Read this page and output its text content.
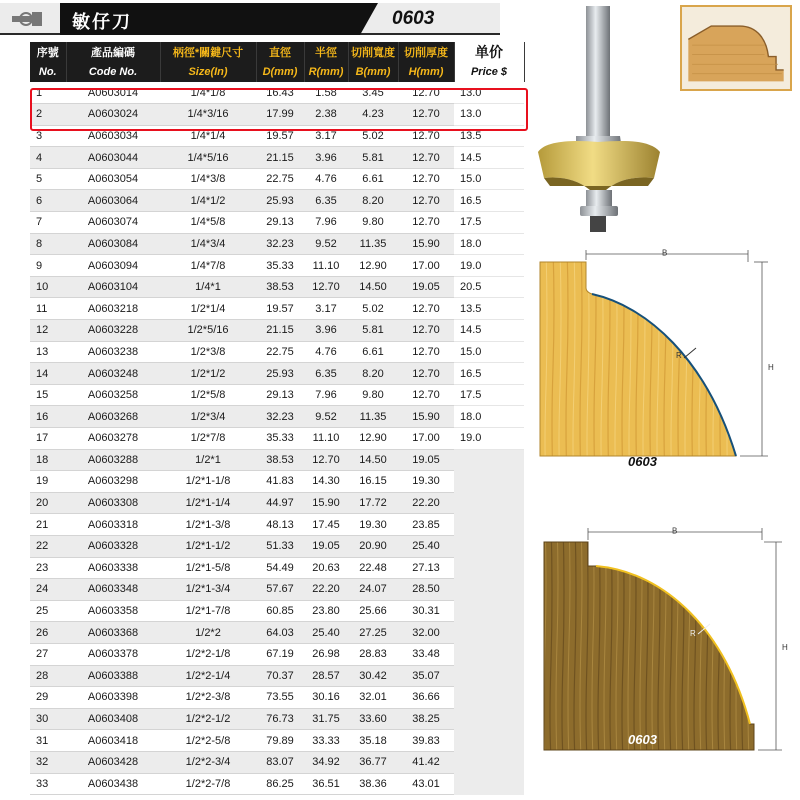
敏仔刀	0603
序號	產品編碼	柄徑*關鍵尺寸	直徑	半徑	切削寬度	切削厚度	单价
No.	Code No.	Size(In)	D(mm)	R(mm)	B(mm)	H(mm)	Price $
1	A0603014	1/4*1/8	16.43	1.58	3.45	12.70	13.0
2	A0603024	1/4*3/16	17.99	2.38	4.23	12.70	13.0
3	A0603034	1/4*1/4	19.57	3.17	5.02	12.70	13.5
4	A0603044	1/4*5/16	21.15	3.96	5.81	12.70	14.5
5	A0603054	1/4*3/8	22.75	4.76	6.61	12.70	15.0
6	A0603064	1/4*1/2	25.93	6.35	8.20	12.70	16.5
7	A0603074	1/4*5/8	29.13	7.96	9.80	12.70	17.5
8	A0603084	1/4*3/4	32.23	9.52	11.35	15.90	18.0
9	A0603094	1/4*7/8	35.33	11.10	12.90	17.00	19.0
10	A0603104	1/4*1	38.53	12.70	14.50	19.05	20.5
11	A0603218	1/2*1/4	19.57	3.17	5.02	12.70	13.5
12	A0603228	1/2*5/16	21.15	3.96	5.81	12.70	14.5
13	A0603238	1/2*3/8	22.75	4.76	6.61	12.70	15.0
14	A0603248	1/2*1/2	25.93	6.35	8.20	12.70	16.5
15	A0603258	1/2*5/8	29.13	7.96	9.80	12.70	17.5
16	A0603268	1/2*3/4	32.23	9.52	11.35	15.90	18.0
17	A0603278	1/2*7/8	35.33	11.10	12.90	17.00	19.0
18	A0603288	1/2*1	38.53	12.70	14.50	19.05	
19	A0603298	1/2*1-1/8	41.83	14.30	16.15	19.30	
20	A0603308	1/2*1-1/4	44.97	15.90	17.72	22.20	
21	A0603318	1/2*1-3/8	48.13	17.45	19.30	23.85	
22	A0603328	1/2*1-1/2	51.33	19.05	20.90	25.40	
23	A0603338	1/2*1-5/8	54.49	20.63	22.48	27.13	
24	A0603348	1/2*1-3/4	57.67	22.20	24.07	28.50	
25	A0603358	1/2*1-7/8	60.85	23.80	25.66	30.31	
26	A0603368	1/2*2	64.03	25.40	27.25	32.00	
27	A0603378	1/2*2-1/8	67.19	26.98	28.83	33.48	
28	A0603388	1/2*2-1/4	70.37	28.57	30.42	35.07	
29	A0603398	1/2*2-3/8	73.55	30.16	32.01	36.66	
30	A0603408	1/2*2-1/2	76.73	31.75	33.60	38.25	
31	A0603418	1/2*2-5/8	79.89	33.33	35.18	39.83	
32	A0603428	1/2*2-3/4	83.07	34.92	36.77	41.42	
33	A0603438	1/2*2-7/8	86.25	36.51	38.36	43.01	
B
H
R
0603
B
H
R
0603
